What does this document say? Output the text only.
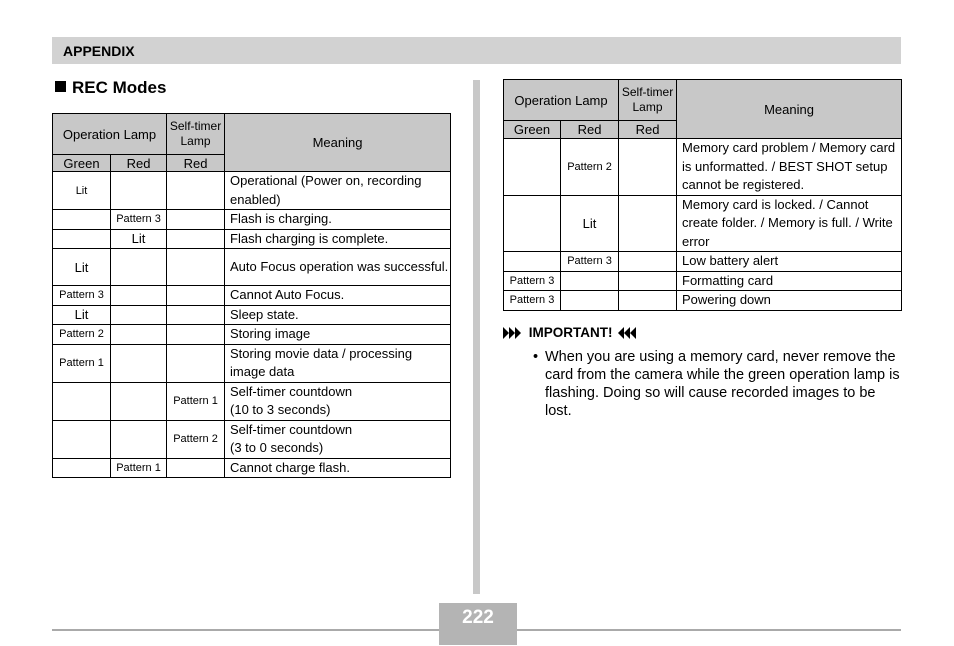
APPENDIX
REC Modes
Operation Lamp		Self-timer
Lamp	Meaning
Green	Red	Red	
Lit			Operational (Power on, recording enabled)
	Pattern 3		Flash is charging.
	Lit		Flash charging is complete.
Lit			Auto Focus operation was successful.
Pattern 3			Cannot Auto Focus.
Lit			Sleep state.
Pattern 2			Storing image
Pattern 1			Storing movie data / processing image data
		Pattern 1	Self-timer countdown
(10 to 3 seconds)
		Pattern 2	Self-timer countdown
(3 to 0 seconds)
	Pattern 1		Cannot charge flash.
Operation Lamp		Self-timer
Lamp	Meaning
Green	Red	Red	
	Pattern 2		Memory card problem / Memory card is unformatted. / BEST SHOT setup cannot be registered.
	Lit		Memory card is locked. / Cannot create folder. / Memory is full. / Write error
	Pattern 3		Low battery alert
Pattern 3			Formatting card
Pattern 3			Powering down
IMPORTANT!
• When you are using a memory card, never remove the card from the camera while the green operation lamp is flashing. Doing so will cause recorded images to be lost.

222
